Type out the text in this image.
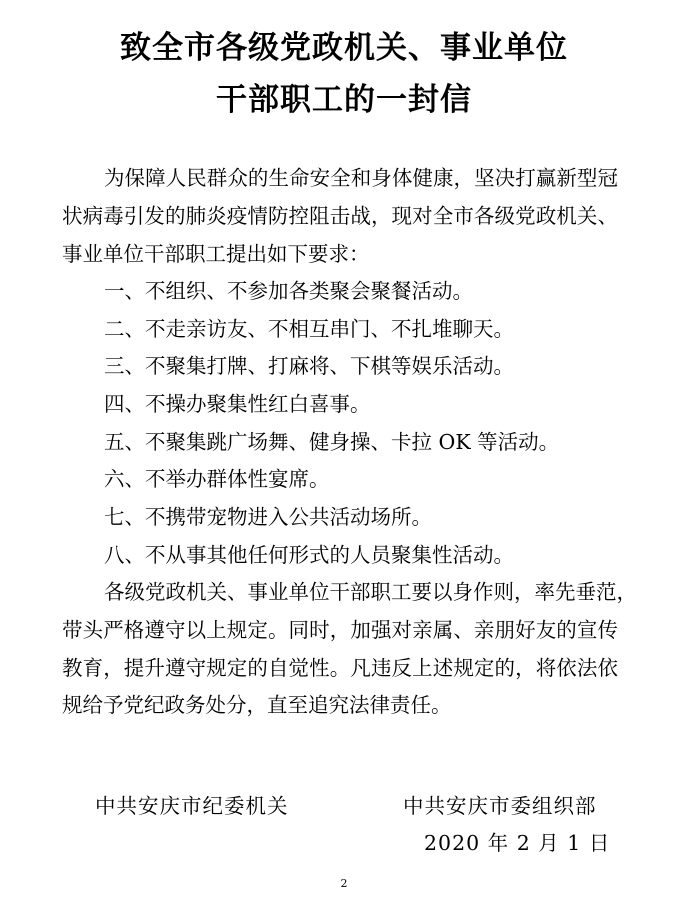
致全市各级党政机关、事业单位
干部职工的一封信
为保障人民群众的生命安全和身体健康，坚决打赢新型冠
状病毒引发的肺炎疫情防控阻击战，现对全市各级党政机关、
事业单位干部职工提出如下要求：
一、不组织、不参加各类聚会聚餐活动。
二、不走亲访友、不相互串门、不扎堆聊天。
三、不聚集打牌、打麻将、下棋等娱乐活动。
四、不操办聚集性红白喜事。
五、不聚集跳广场舞、健身操、卡拉 OK 等活动。
六、不举办群体性宴席。
七、不携带宠物进入公共活动场所。
八、不从事其他任何形式的人员聚集性活动。
各级党政机关、事业单位干部职工要以身作则，率先垂范，
带头严格遵守以上规定。同时，加强对亲属、亲朋好友的宣传
教育，提升遵守规定的自觉性。凡违反上述规定的，将依法依
规给予党纪政务处分，直至追究法律责任。
中共安庆市纪委机关	中共安庆市委组织部
2020 年 2 月 1 日
2
